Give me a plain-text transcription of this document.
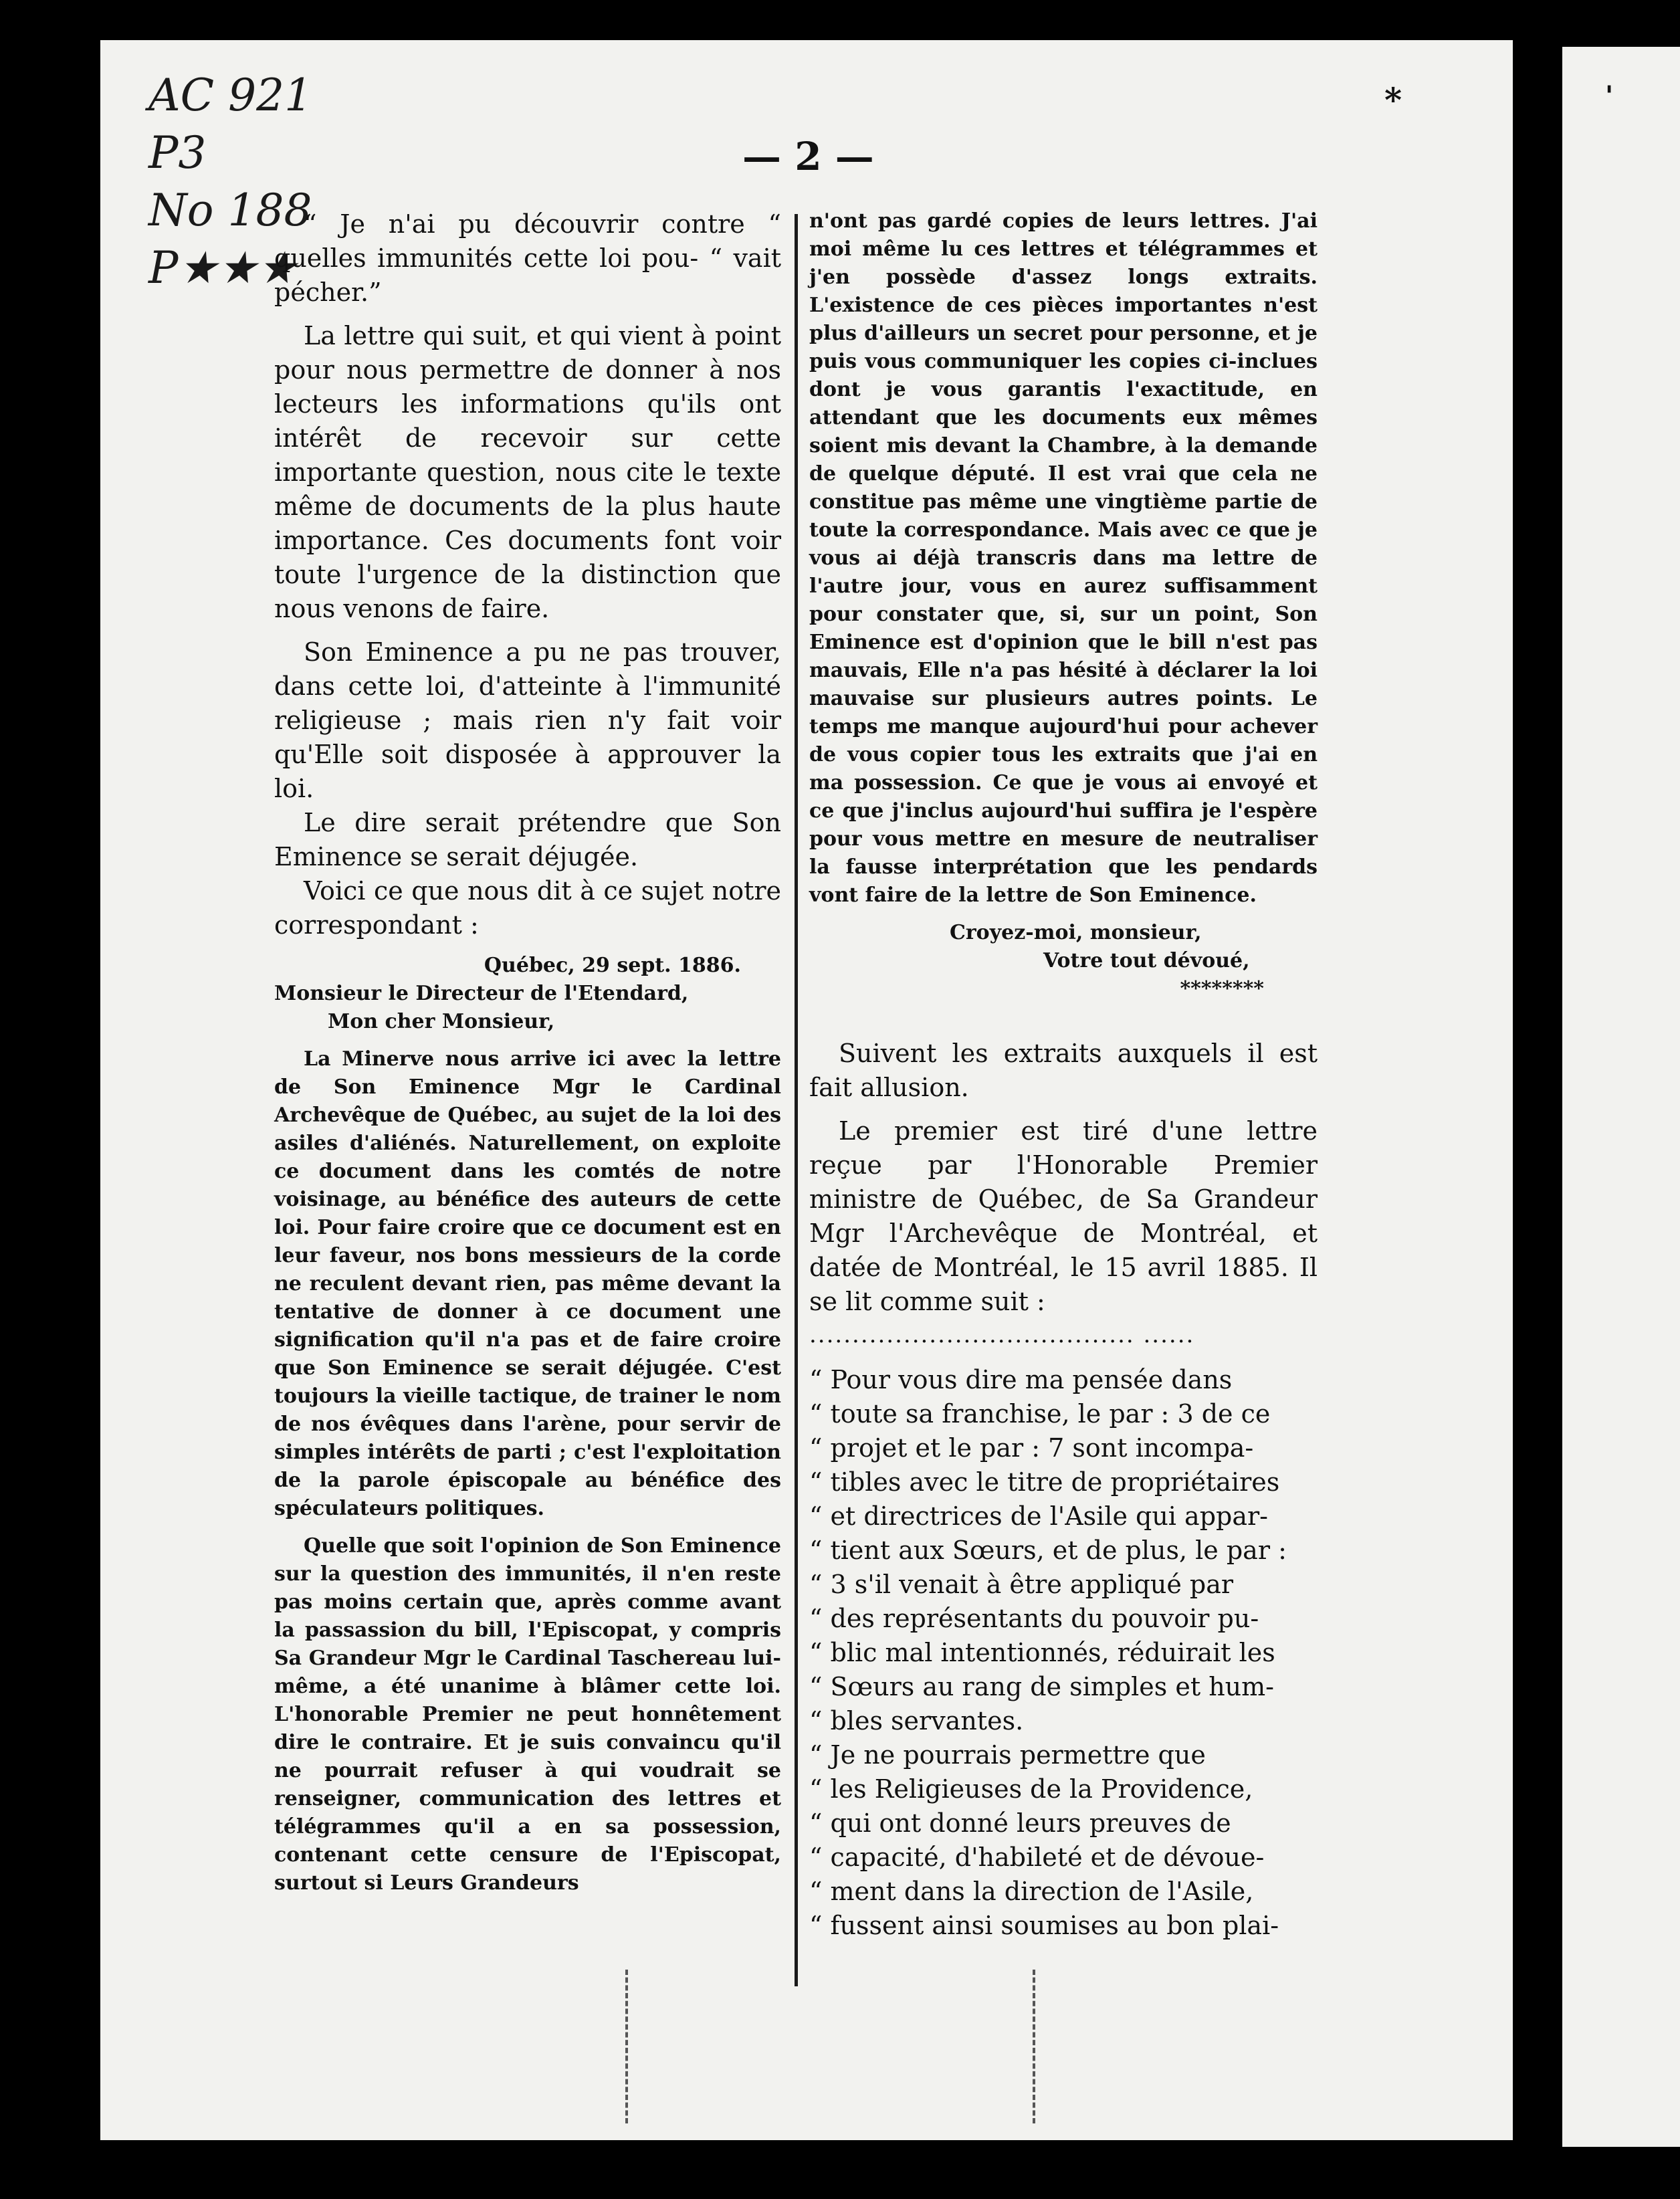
AC 921
P3
No 188
P★★★
— 2 —
*	'

“ Je n'ai pu découvrir contre “ quelles immunités cette loi pou- “ vait pécher.”

La lettre qui suit, et qui vient à point pour nous permettre de donner à nos lecteurs les informations qu'ils ont intérêt de recevoir sur cette importante question, nous cite le texte même de documents de la plus haute importance. Ces documents font voir toute l'urgence de la distinction que nous venons de faire.

Son Eminence a pu ne pas trouver, dans cette loi, d'atteinte à l'immunité religieuse ; mais rien n'y fait voir qu'Elle soit disposée à approuver la loi.

Le dire serait prétendre que Son Eminence se serait déjugée.

Voici ce que nous dit à ce sujet notre correspondant :

Québec, 29 sept. 1886.

Monsieur le Directeur de l'Etendard,

Mon cher Monsieur,

La Minerve nous arrive ici avec la lettre de Son Eminence Mgr le Cardinal Archevêque de Québec, au sujet de la loi des asiles d'aliénés. Naturellement, on exploite ce document dans les comtés de notre voisinage, au bénéfice des auteurs de cette loi. Pour faire croire que ce document est en leur faveur, nos bons messieurs de la corde ne reculent devant rien, pas même devant la tentative de donner à ce document une signification qu'il n'a pas et de faire croire que Son Eminence se serait déjugée. C'est toujours la vieille tactique, de trainer le nom de nos évêques dans l'arène, pour servir de simples intérêts de parti ; c'est l'exploitation de la parole épiscopale au bénéfice des spéculateurs politiques.

Quelle que soit l'opinion de Son Eminence sur la question des immunités, il n'en reste pas moins certain que, après comme avant la passassion du bill, l'Episcopat, y compris Sa Grandeur Mgr le Cardinal Taschereau lui-même, a été unanime à blâmer cette loi. L'honorable Premier ne peut honnêtement dire le contraire. Et je suis convaincu qu'il ne pourrait refuser à qui voudrait se renseigner, communication des lettres et télégrammes qu'il a en sa possession, contenant cette censure de l'Episcopat, surtout si Leurs Grandeurs

n'ont pas gardé copies de leurs lettres. J'ai moi même lu ces lettres et télégrammes et j'en possède d'assez longs extraits. L'existence de ces pièces importantes n'est plus d'ailleurs un secret pour personne, et je puis vous communiquer les copies ci-inclues dont je vous garantis l'exactitude, en attendant que les documents eux mêmes soient mis devant la Chambre, à la demande de quelque député. Il est vrai que cela ne constitue pas même une vingtième partie de toute la correspondance. Mais avec ce que je vous ai déjà transcris dans ma lettre de l'autre jour, vous en aurez suffisamment pour constater que, si, sur un point, Son Eminence est d'opinion que le bill n'est pas mauvais, Elle n'a pas hésité à déclarer la loi mauvaise sur plusieurs autres points. Le temps me manque aujourd'hui pour achever de vous copier tous les extraits que j'ai en ma possession. Ce que je vous ai envoyé et ce que j'inclus aujourd'hui suffira je l'espère pour vous mettre en mesure de neutraliser la fausse interprétation que les pendards vont faire de la lettre de Son Eminence.

Croyez-moi, monsieur,

Votre tout dévoué,

********

Suivent les extraits auxquels il est fait allusion.

Le premier est tiré d'une lettre reçue par l'Honorable Premier ministre de Québec, de Sa Grandeur Mgr l'Archevêque de Montréal, et datée de Montréal, le 15 avril 1885. Il se lit comme suit :

...................................... ......

“ Pour vous dire ma pensée dans

“ toute sa franchise, le par : 3 de ce

“ projet et le par : 7 sont incompa-

“ tibles avec le titre de propriétaires

“ et directrices de l'Asile qui appar-

“ tient aux Sœurs, et de plus, le par :

“ 3 s'il venait à être appliqué par

“ des représentants du pouvoir pu-

“ blic mal intentionnés, réduirait les

“ Sœurs au rang de simples et hum-

“ bles servantes.

“ Je ne pourrais permettre que

“ les Religieuses de la Providence,

“ qui ont donné leurs preuves de

“ capacité, d'habileté et de dévoue-

“ ment dans la direction de l'Asile,

“ fussent ainsi soumises au bon plai-
